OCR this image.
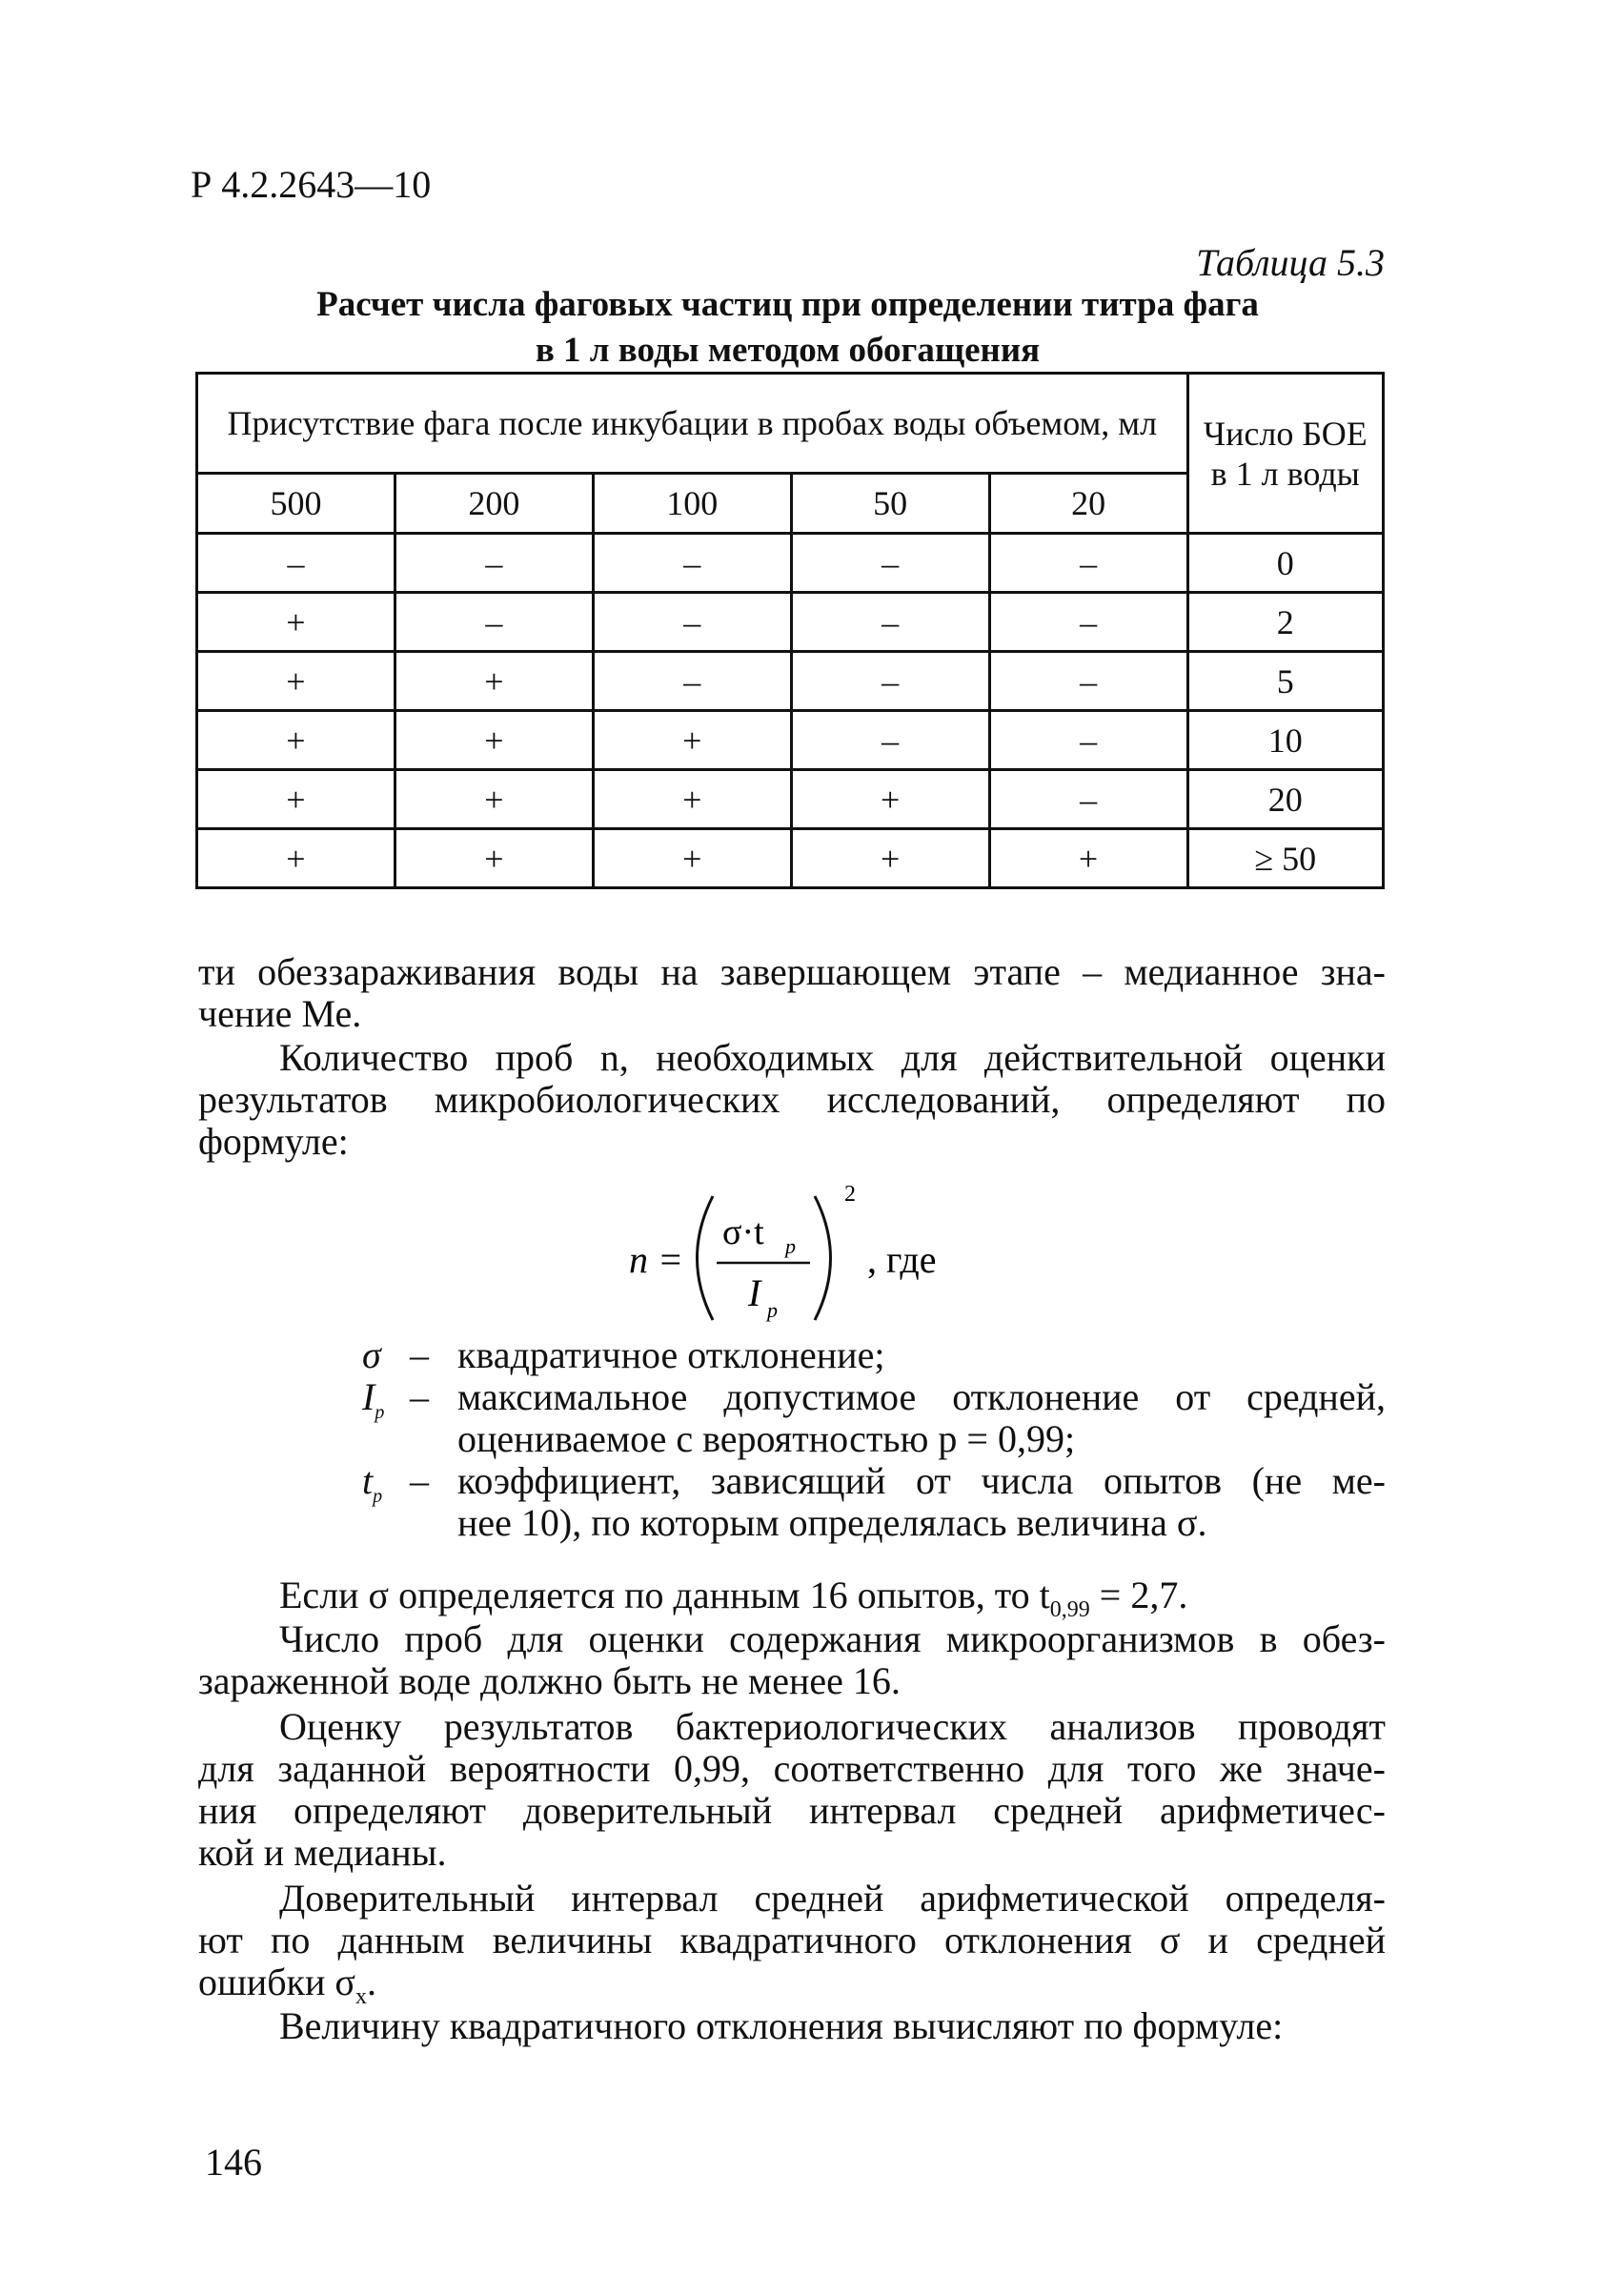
Р 4.2.2643—10
Таблица 5.3
Расчет числа фаговых частиц при определении титра фага
в 1 л воды методом обогащения
Присутствие фага после инкубации в пробах воды объемом, мл					Число БОЕ в 1 л воды
500	200	100	50	20	
–	–	–	–	–	0
+	–	–	–	–	2
+	+	–	–	–	5
+	+	+	–	–	10
+	+	+	+	–	20
+	+	+	+	+	≥ 50
ти обеззараживания воды на завершающем этапе – медианное зна-
чение Ме.
Количество проб n, необходимых для действительной оценки
результатов микробиологических исследований, определяют по
формуле:
n =
σ·t p
I p
2
, где
σ – квадратичное отклонение;
$I_p$ – максимальное допустимое отклонение от средней,
оцениваемое с вероятностью р = 0,99;
$t_p$ – коэффициент, зависящий от числа опытов (не ме-
нее 10), по которым определялась величина σ.
Если σ определяется по данным 16 опытов, то $t_{0,99} = 2,7$.
Число проб для оценки содержания микроорганизмов в обез-
зараженной воде должно быть не менее 16.
Оценку результатов бактериологических анализов проводят
для заданной вероятности 0,99, соответственно для того же значе-
ния определяют доверительный интервал средней арифметичес-
кой и медианы.
Доверительный интервал средней арифметической определя-
ют по данным величины квадратичного отклонения σ и средней
ошибки $\sigma_x$.
Величину квадратичного отклонения вычисляют по формуле:
146
